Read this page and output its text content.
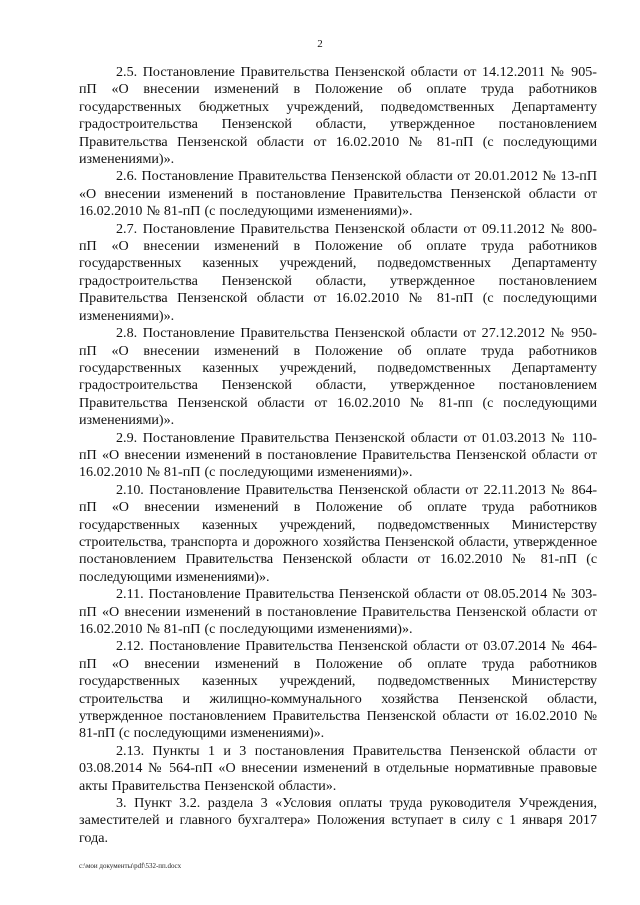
2

2.5. Постановление Правительства Пензенской области от 14.12.2011 № 905-пП «О внесении изменений в Положение об оплате труда работников государственных бюджетных учреждений, подведомственных Департаменту градостроительства Пензенской области, утвержденное постановлением Правительства Пензенской области от 16.02.2010 № 81-пП (с последующими изменениями)».

2.6. Постановление Правительства Пензенской области от 20.01.2012 № 13-пП «О внесении изменений в постановление Правительства Пензенской области от 16.02.2010 № 81-пП (с последующими изменениями)».

2.7. Постановление Правительства Пензенской области от 09.11.2012 № 800-пП «О внесении изменений в Положение об оплате труда работников государственных казенных учреждений, подведомственных Департаменту градостроительства Пензенской области, утвержденное постановлением Правительства Пензенской области от 16.02.2010 № 81-пП (с последующими изменениями)».

2.8. Постановление Правительства Пензенской области от 27.12.2012 № 950-пП «О внесении изменений в Положение об оплате труда работников государственных казенных учреждений, подведомственных Департаменту градостроительства Пензенской области, утвержденное постановлением Правительства Пензенской области от 16.02.2010 № 81-пп (с последующими изменениями)».

2.9. Постановление Правительства Пензенской области от 01.03.2013 № 110-пП «О внесении изменений в постановление Правительства Пензенской области от 16.02.2010 № 81-пП (с последующими изменениями)».

2.10. Постановление Правительства Пензенской области от 22.11.2013 № 864-пП «О внесении изменений в Положение об оплате труда работников государственных казенных учреждений, подведомственных Министерству строительства, транспорта и дорожного хозяйства Пензенской области, утвержденное постановлением Правительства Пензенской области от 16.02.2010 № 81-пП (с последующими изменениями)».

2.11. Постановление Правительства Пензенской области от 08.05.2014 № 303-пП «О внесении изменений в постановление Правительства Пензенской области от 16.02.2010 № 81-пП (с последующими изменениями)».

2.12. Постановление Правительства Пензенской области от 03.07.2014 № 464-пП «О внесении изменений в Положение об оплате труда работников государственных казенных учреждений, подведомственных Министерству строительства и жилищно-коммунального хозяйства Пензенской области, утвержденное постановлением Правительства Пензенской области от 16.02.2010 № 81-пП (с последующими изменениями)».

2.13. Пункты 1 и 3 постановления Правительства Пензенской области от 03.08.2014 № 564-пП «О внесении изменений в отдельные нормативные правовые акты Правительства Пензенской области».

3. Пункт 3.2. раздела 3 «Условия оплаты труда руководителя Учреждения, заместителей и главного бухгалтера» Положения вступает в силу с 1 января 2017 года.

c:\мои документы\pdf\532-пп.docx
